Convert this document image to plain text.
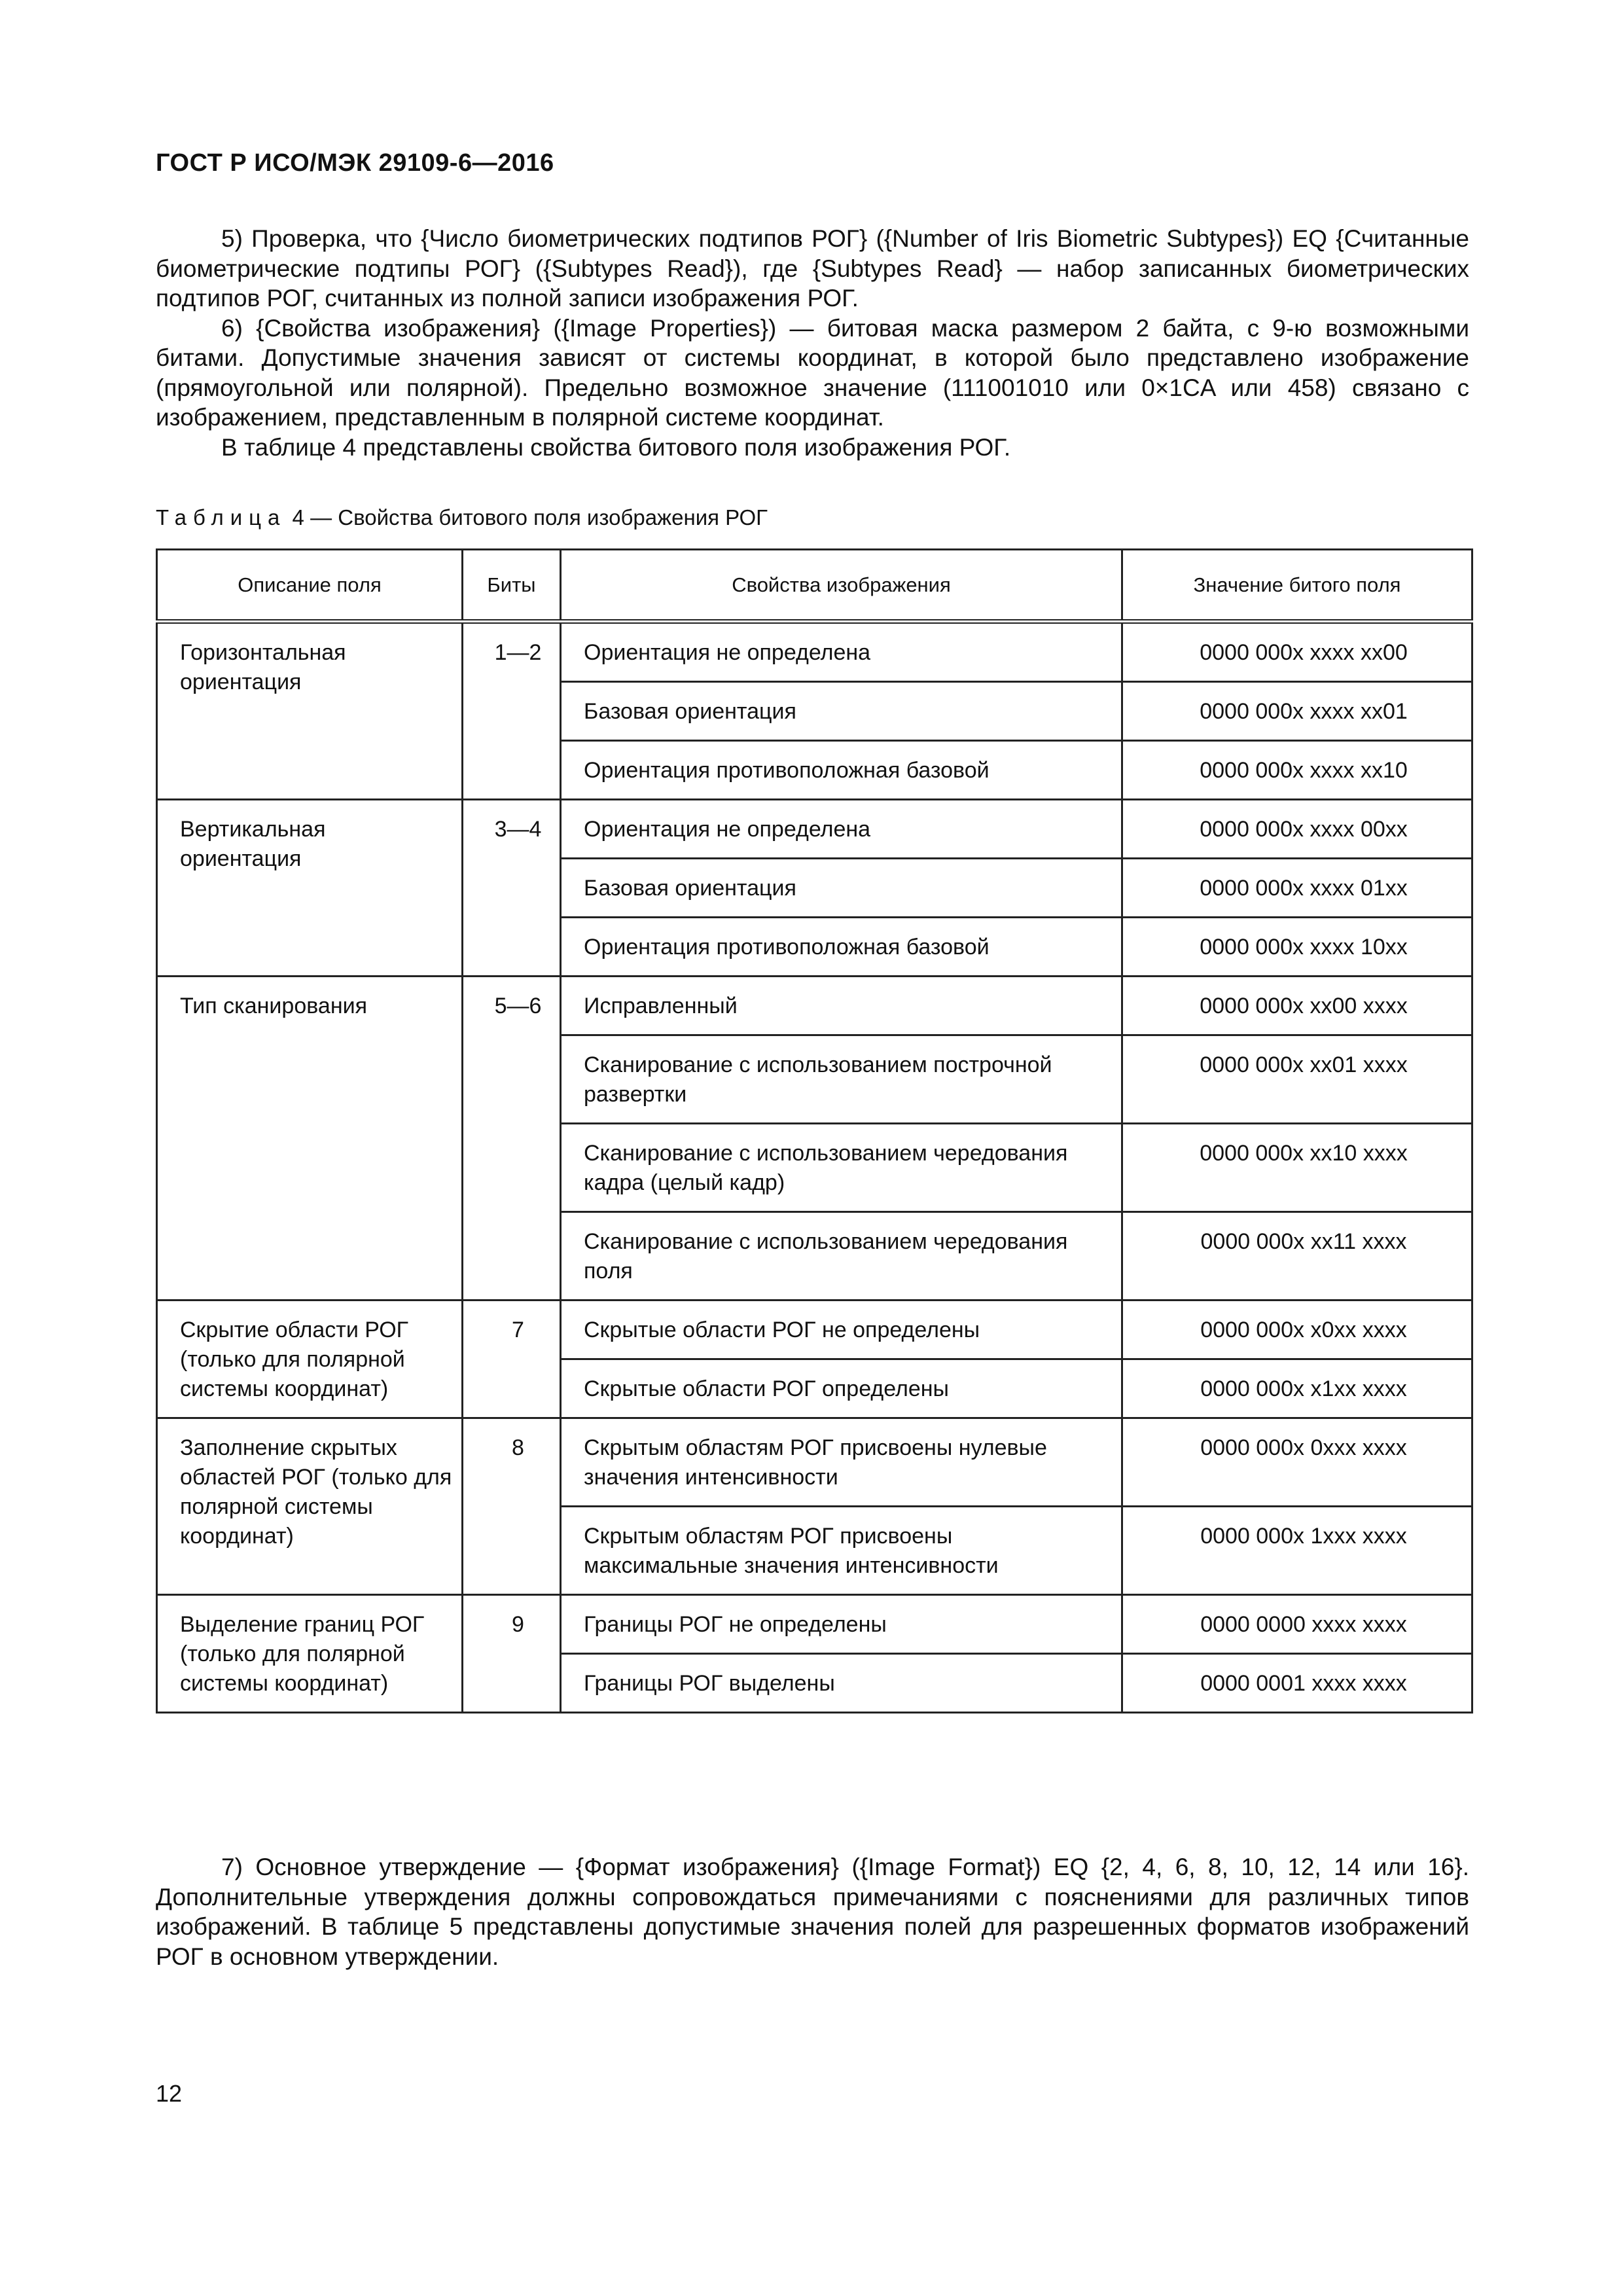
ГОСТ Р ИСО/МЭК 29109-6—2016

5) Проверка, что {Число биометрических подтипов РОГ} ({Number of Iris Biometric Subtypes}) EQ {Считанные биометрические подтипы РОГ} ({Subtypes Read}), где {Subtypes Read} — набор записанных биометрических подтипов РОГ, считанных из полной записи изображения РОГ.

6) {Свойства изображения} ({Image Properties}) — битовая маска размером 2 байта, с 9-ю возможными битами. Допустимые значения зависят от системы координат, в которой было представлено изображение (прямоугольной или полярной). Предельно возможное значение (111001010 или 0×1CA или 458) связано с изображением, представленным в полярной системе координат.

В таблице 4 представлены свойства битового поля изображения РОГ.

Таблица 4 — Свойства битового поля изображения РОГ
Описание поля	Биты	Свойства изображения	Значение битого поля
Горизонтальная ориентация	1—2	Ориентация не определена	0000 000x xxxx xx00
		Базовая ориентация	0000 000x xxxx xx01
		Ориентация противоположная базовой	0000 000x xxxx xx10
Вертикальная ориентация	3—4	Ориентация не определена	0000 000x xxxx 00xx
		Базовая ориентация	0000 000x xxxx 01xx
		Ориентация противоположная базовой	0000 000x xxxx 10xx
Тип сканирования	5—6	Исправленный	0000 000x xx00 xxxx
		Сканирование с использованием построчной развертки	0000 000x xx01 xxxx
		Сканирование с использованием чередования кадра (целый кадр)	0000 000x xx10 xxxx
		Сканирование с использованием чередования поля	0000 000x xx11 xxxx
Скрытие области РОГ (только для полярной системы координат)	7	Скрытые области РОГ не определены	0000 000x x0xx xxxx
		Скрытые области РОГ определены	0000 000x x1xx xxxx
Заполнение скрытых областей РОГ (только для полярной системы координат)	8	Скрытым областям РОГ присвоены нулевые значения интенсивности	0000 000x 0xxx xxxx
		Скрытым областям РОГ присвоены максимальные значения интенсивности	0000 000x 1xxx xxxx
Выделение границ РОГ (только для полярной системы координат)	9	Границы РОГ не определены	0000 0000 xxxx xxxx
		Границы РОГ выделены	0000 0001 xxxx xxxx

7) Основное утверждение — {Формат изображения} ({Image Format}) EQ {2, 4, 6, 8, 10, 12, 14 или 16}. Дополнительные утверждения должны сопровождаться примечаниями с пояснениями для различных типов изображений. В таблице 5 представлены допустимые значения полей для разрешенных форматов изображений РОГ в основном утверждении.

12
